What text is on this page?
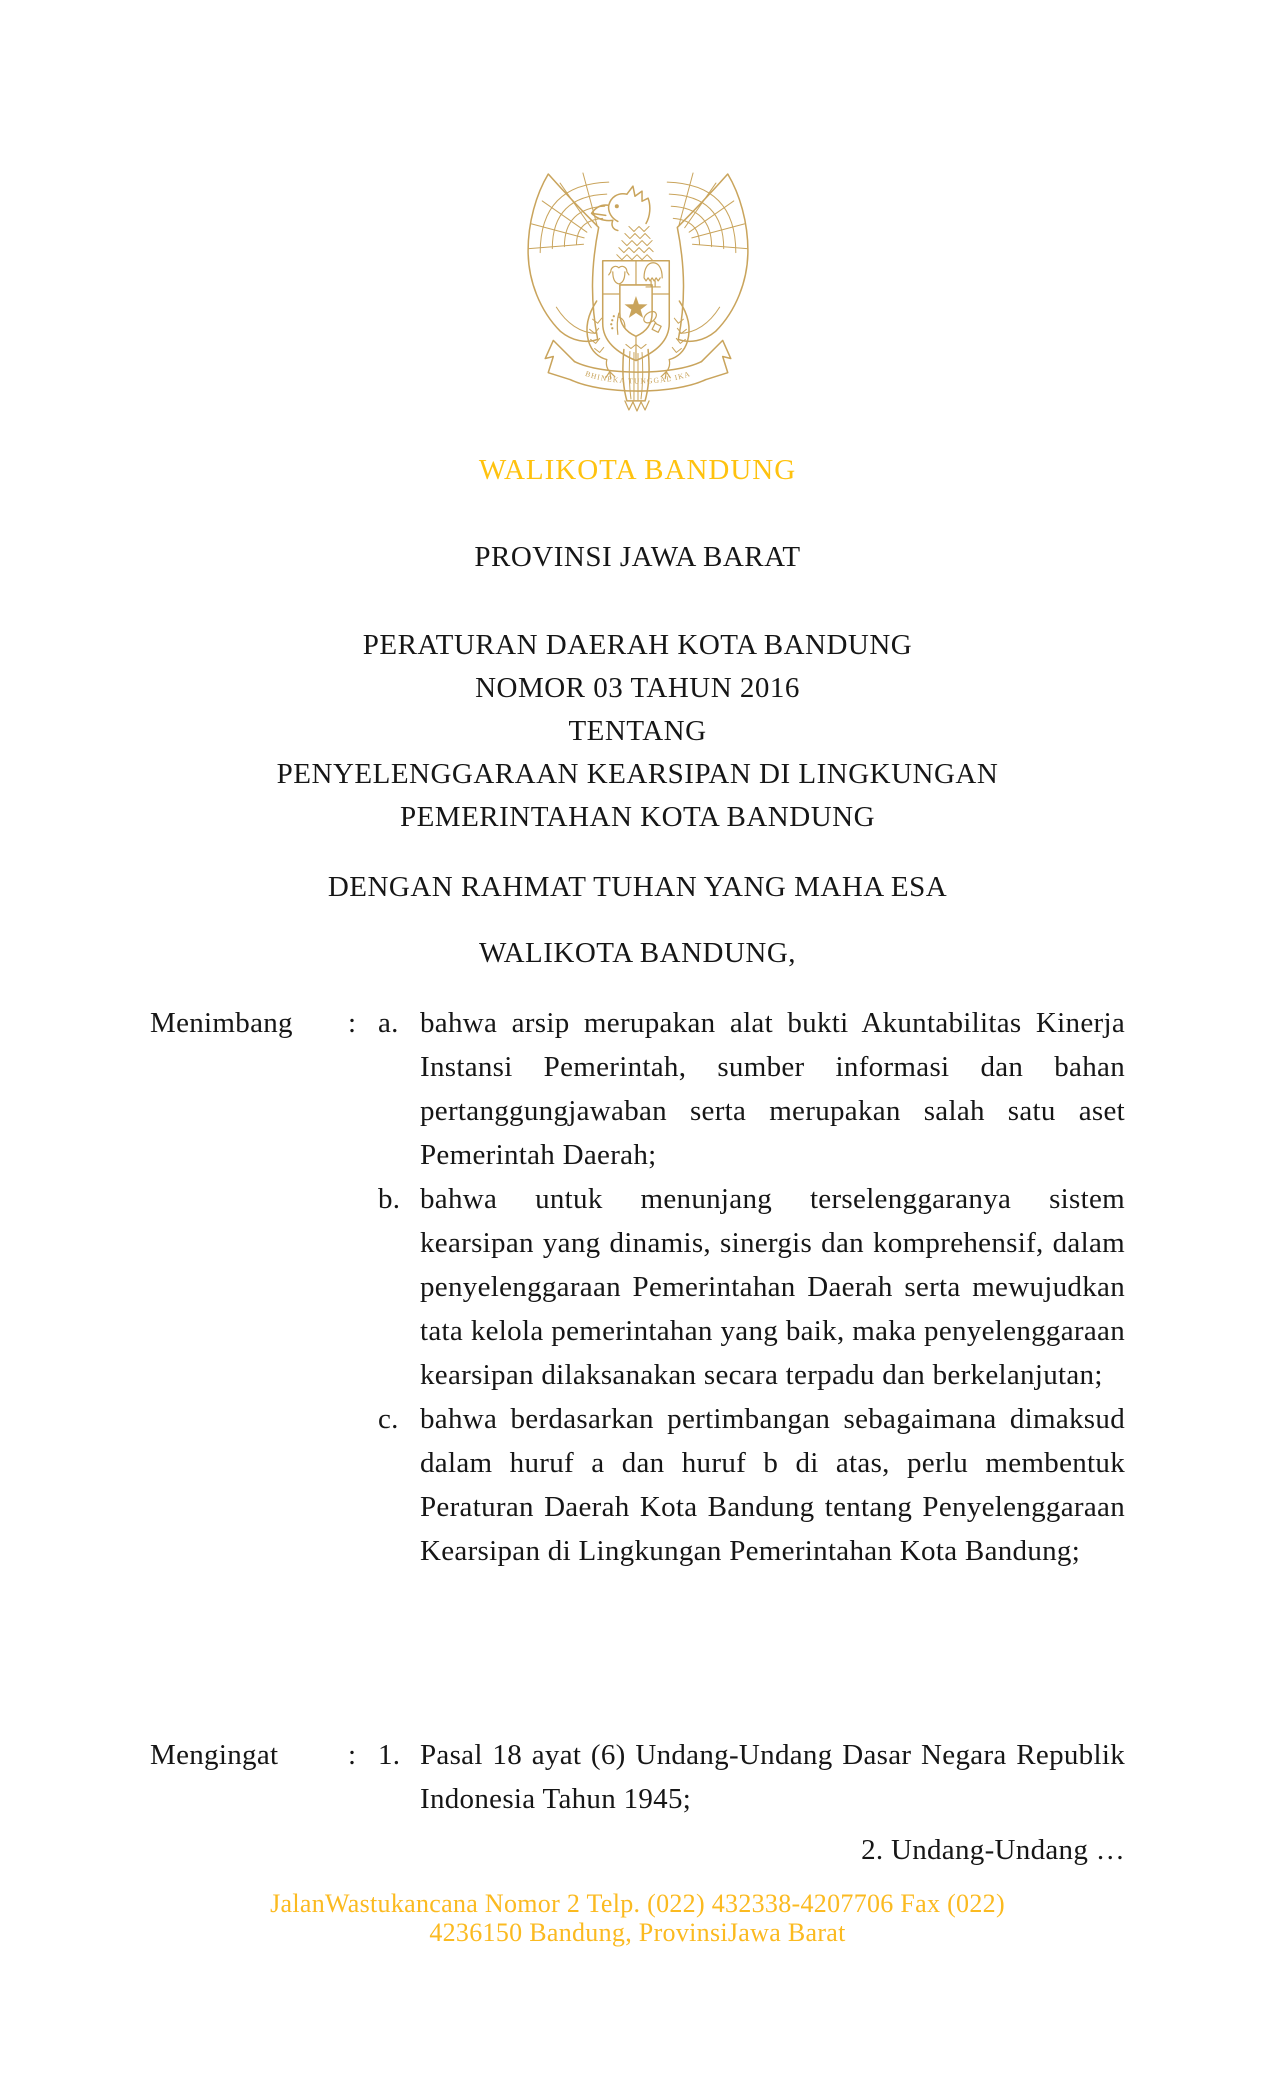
BHINEKA TUNGGAL IKA
WALIKOTA BANDUNG
PROVINSI JAWA BARAT
PERATURAN DAERAH KOTA BANDUNG
NOMOR 03 TAHUN 2016
TENTANG
PENYELENGGARAAN KEARSIPAN DI LINGKUNGAN
PEMERINTAHAN KOTA BANDUNG
DENGAN RAHMAT TUHAN YANG MAHA ESA
WALIKOTA BANDUNG,
Menimbang	: a. bahwa arsip merupakan alat bukti Akuntabilitas Kinerja Instansi Pemerintah, sumber informasi dan bahan pertanggungjawaban serta merupakan salah satu aset Pemerintah Daerah;
b. bahwa untuk menunjang terselenggaranya sistem kearsipan yang dinamis, sinergis dan komprehensif, dalam penyelenggaraan Pemerintahan Daerah serta mewujudkan tata kelola pemerintahan yang baik, maka penyelenggaraan kearsipan dilaksanakan secara terpadu dan berkelanjutan;
c. bahwa berdasarkan pertimbangan sebagaimana dimaksud dalam huruf a dan huruf b di atas, perlu membentuk Peraturan Daerah Kota Bandung tentang Penyelenggaraan Kearsipan di Lingkungan Pemerintahan Kota Bandung;
Mengingat	: 1. Pasal 18 ayat (6) Undang-Undang Dasar Negara Republik Indonesia Tahun 1945;
2. Undang-Undang …
JalanWastukancana Nomor 2 Telp. (022) 432338-4207706 Fax (022)
4236150 Bandung, ProvinsiJawa Barat
